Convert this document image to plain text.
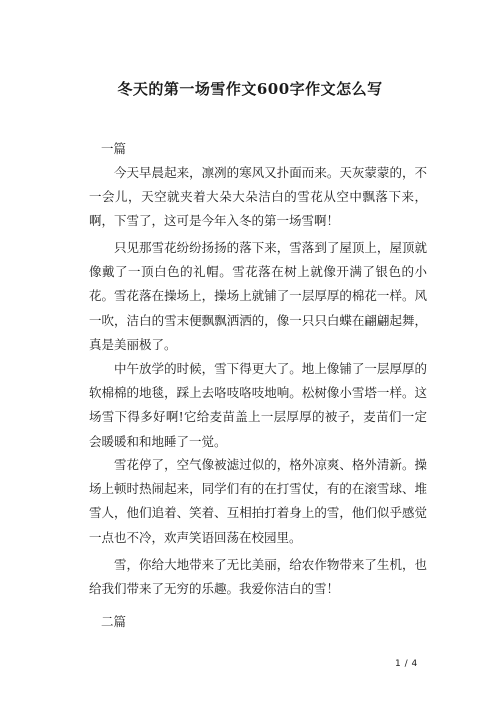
冬天的第一场雪作文600字作文怎么写
一篇

今天早晨起来，凛冽的寒风又扑面而来。天灰蒙蒙的，不一会儿，天空就夹着大朵大朵洁白的雪花从空中飘落下来，啊，下雪了，这可是今年入冬的第一场雪啊！

只见那雪花纷纷扬扬的落下来，雪落到了屋顶上，屋顶就像戴了一顶白色的礼帽。雪花落在树上就像开满了银色的小花。雪花落在操场上，操场上就铺了一层厚厚的棉花一样。风一吹，洁白的雪末便飘飘洒洒的，像一只只白蝶在翩翩起舞，真是美丽极了。

中午放学的时候，雪下得更大了。地上像铺了一层厚厚的软棉棉的地毯，踩上去咯吱咯吱地响。松树像小雪塔一样。这场雪下得多好啊!它给麦苗盖上一层厚厚的被子，麦苗们一定会暖暖和和地睡了一觉。

雪花停了，空气像被滤过似的，格外凉爽、格外清新。操场上顿时热闹起来，同学们有的在打雪仗，有的在滚雪球、堆雪人，他们追着、笑着、互相拍打着身上的雪，他们似乎感觉一点也不冷，欢声笑语回荡在校园里。

雪，你给大地带来了无比美丽，给农作物带来了生机，也给我们带来了无穷的乐趣。我爱你洁白的雪！

二篇
1 / 4
